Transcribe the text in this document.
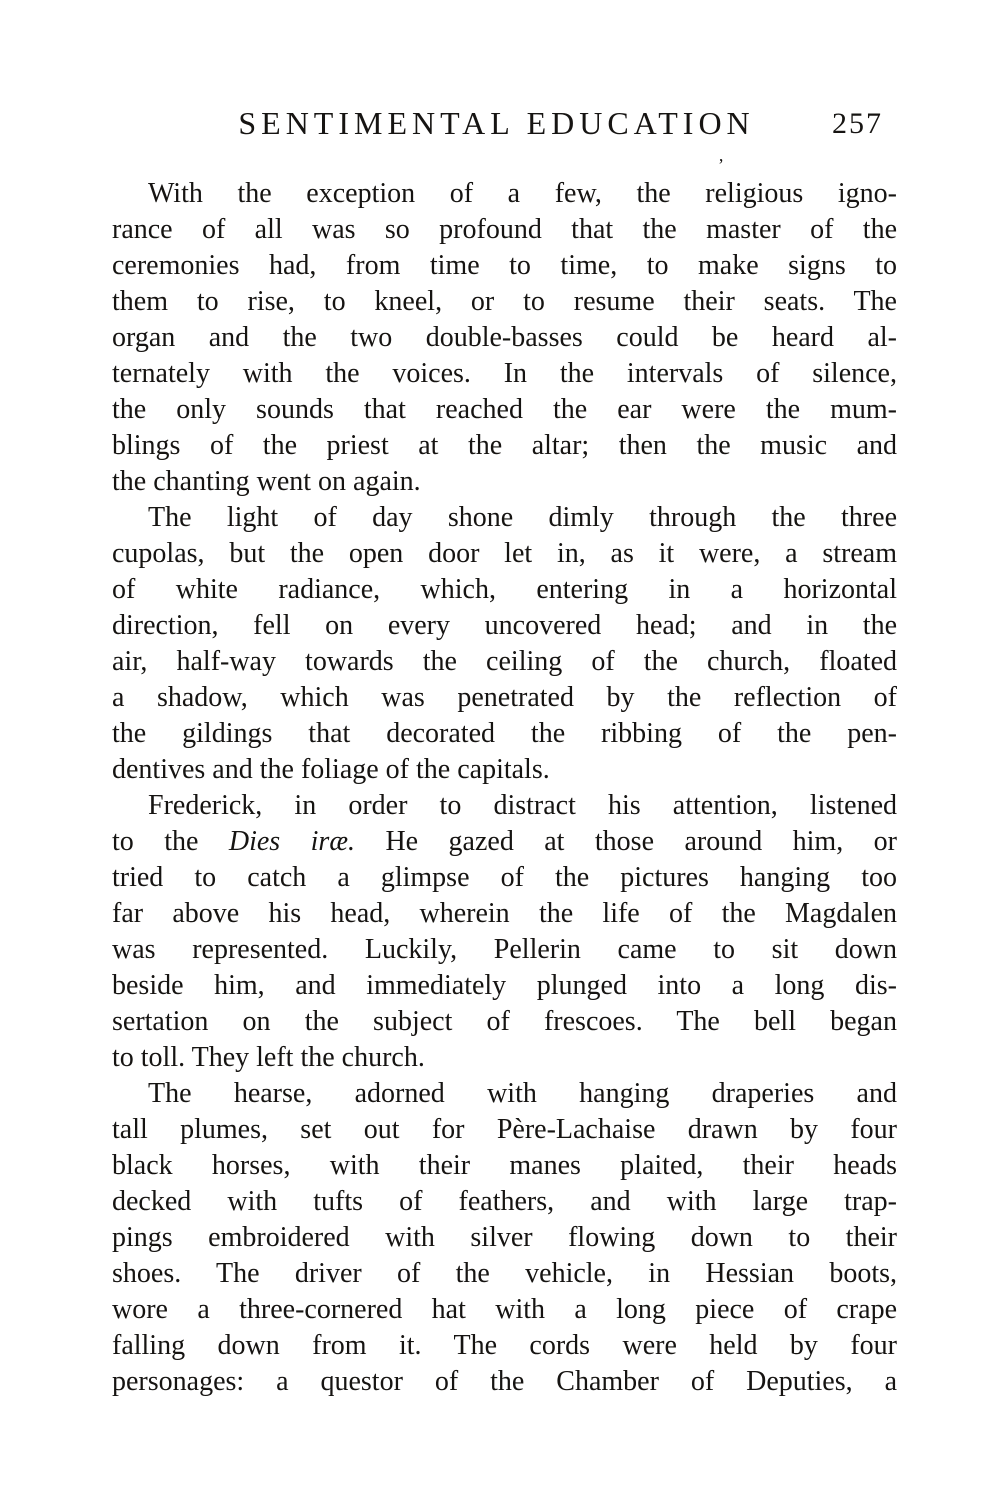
’
SENTIMENTAL EDUCATION	257
With the exception of a few, the religious igno-
rance of all was so profound that the master of the
ceremonies had, from time to time, to make signs to
them to rise, to kneel, or to resume their seats. The
organ and the two double-basses could be heard al-
ternately with the voices. In the intervals of silence,
the only sounds that reached the ear were the mum-
blings of the priest at the altar; then the music and
the chanting went on again.
The light of day shone dimly through the three
cupolas, but the open door let in, as it were, a stream
of white radiance, which, entering in a horizontal
direction, fell on every uncovered head; and in the
air, half-way towards the ceiling of the church, floated
a shadow, which was penetrated by the reflection of
the gildings that decorated the ribbing of the pen-
dentives and the foliage of the capitals.
Frederick, in order to distract his attention, listened
to the Dies iræ. He gazed at those around him, or
tried to catch a glimpse of the pictures hanging too
far above his head, wherein the life of the Magdalen
was represented. Luckily, Pellerin came to sit down
beside him, and immediately plunged into a long dis-
sertation on the subject of frescoes. The bell began
to toll. They left the church.
The hearse, adorned with hanging draperies and
tall plumes, set out for Père-Lachaise drawn by four
black horses, with their manes plaited, their heads
decked with tufts of feathers, and with large trap-
pings embroidered with silver flowing down to their
shoes. The driver of the vehicle, in Hessian boots,
wore a three-cornered hat with a long piece of crape
falling down from it. The cords were held by four
personages: a questor of the Chamber of Deputies, a
